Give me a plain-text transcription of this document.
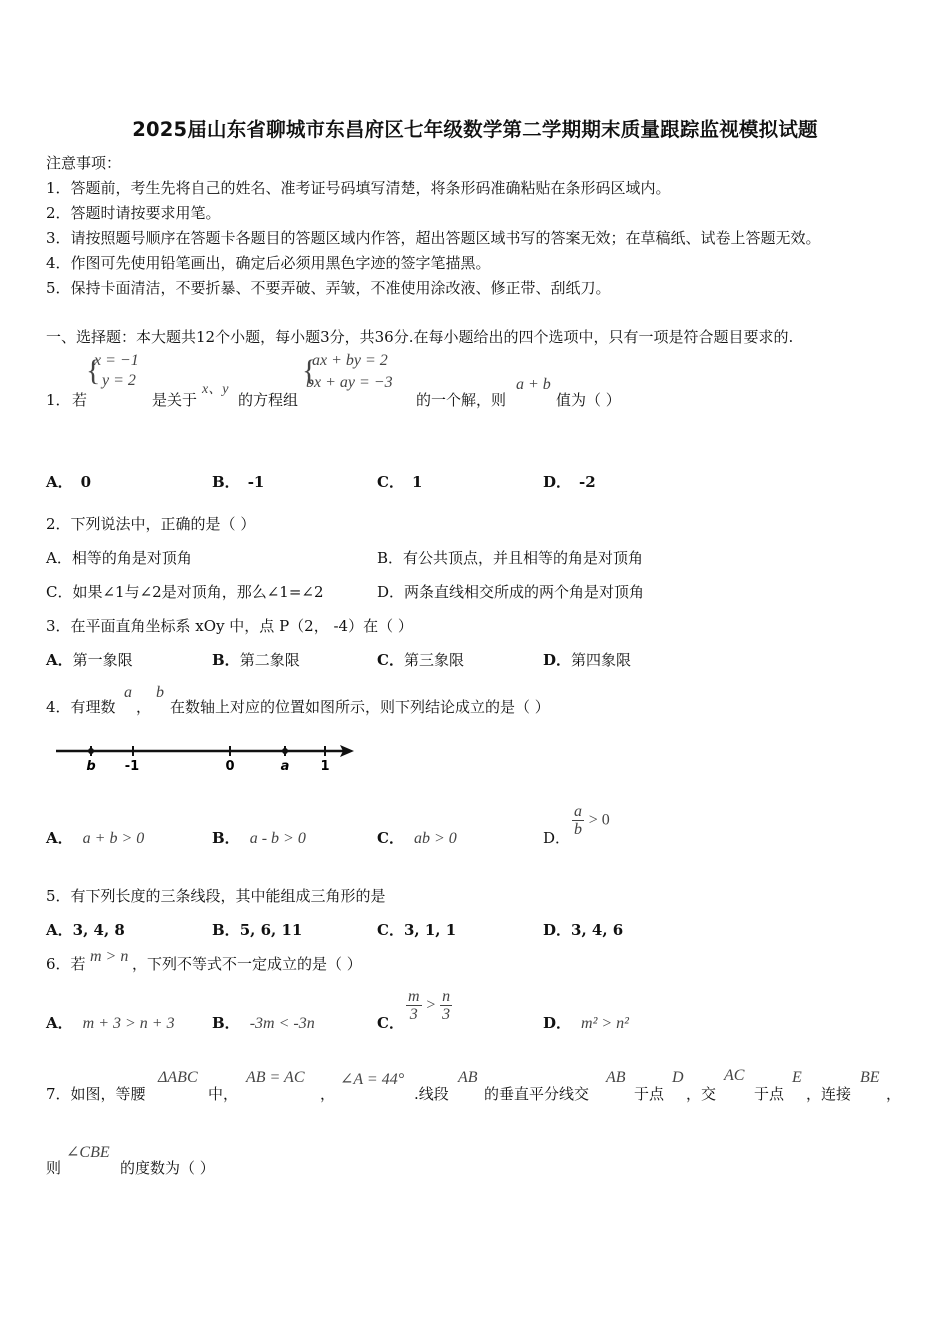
2025届山东省聊城市东昌府区七年级数学第二学期期末质量跟踪监视模拟试题
注意事项：
1．答题前，考生先将自己的姓名、准考证号码填写清楚，将条形码准确粘贴在条形码区域内。
2．答题时请按要求用笔。
3．请按照题号顺序在答题卡各题目的答题区域内作答，超出答题区域书写的答案无效；在草稿纸、试卷上答题无效。
4．作图可先使用铅笔画出，确定后必须用黑色字迹的签字笔描黑。
5．保持卡面清洁，不要折暴、不要弄破、弄皱，不准使用涂改液、修正带、刮纸刀。
一、选择题：本大题共12个小题，每小题3分，共36分.在每小题给出的四个选项中，只有一项是符合题目要求的.
1． 若
{
x = −1
y = 2
是关于
x、y
的方程组
{
ax + by = 2
bx + ay = −3
的一个解，则
a + b
值为（ ）
A． 0	B． -1	C． 1	D． -2
2．下列说法中，正确的是（ ）
A．相等的角是对顶角	B．有公共顶点，并且相等的角是对顶角
C．如果∠1与∠2是对顶角，那么∠1=∠2	D．两条直线相交所成的两个角是对顶角
3．在平面直角坐标系 xOy 中，点 P（2， -4）在（ ）
A．第一象限	B．第二象限	C．第三象限	D．第四象限
4．有理数
a
，
b
在数轴上对应的位置如图所示，则下列结论成立的是（ ）
b -1	0	a 1
A． a + b > 0	B． a - b > 0	C． ab > 0	D． $\frac{a}{b} > 0$
5．有下列长度的三条线段，其中能组成三角形的是
A．3, 4, 8	B．5, 6, 11	C．3, 1, 1	D．3, 4, 6
6．若 m > n ，下列不等式不一定成立的是（ ）
A． m + 3 > n + 3 B． -3m < -3n	C． $\frac{m}{3} > \frac{n}{3}$	D． m² > n²
7．如图，等腰
ΔABC
中，
AB = AC
，
∠A = 44°
.线段
AB
的垂直平分线交
AB
于点
D
，交
AC
于点
E
，连接
BE
，
则
∠CBE
的度数为（ ）
